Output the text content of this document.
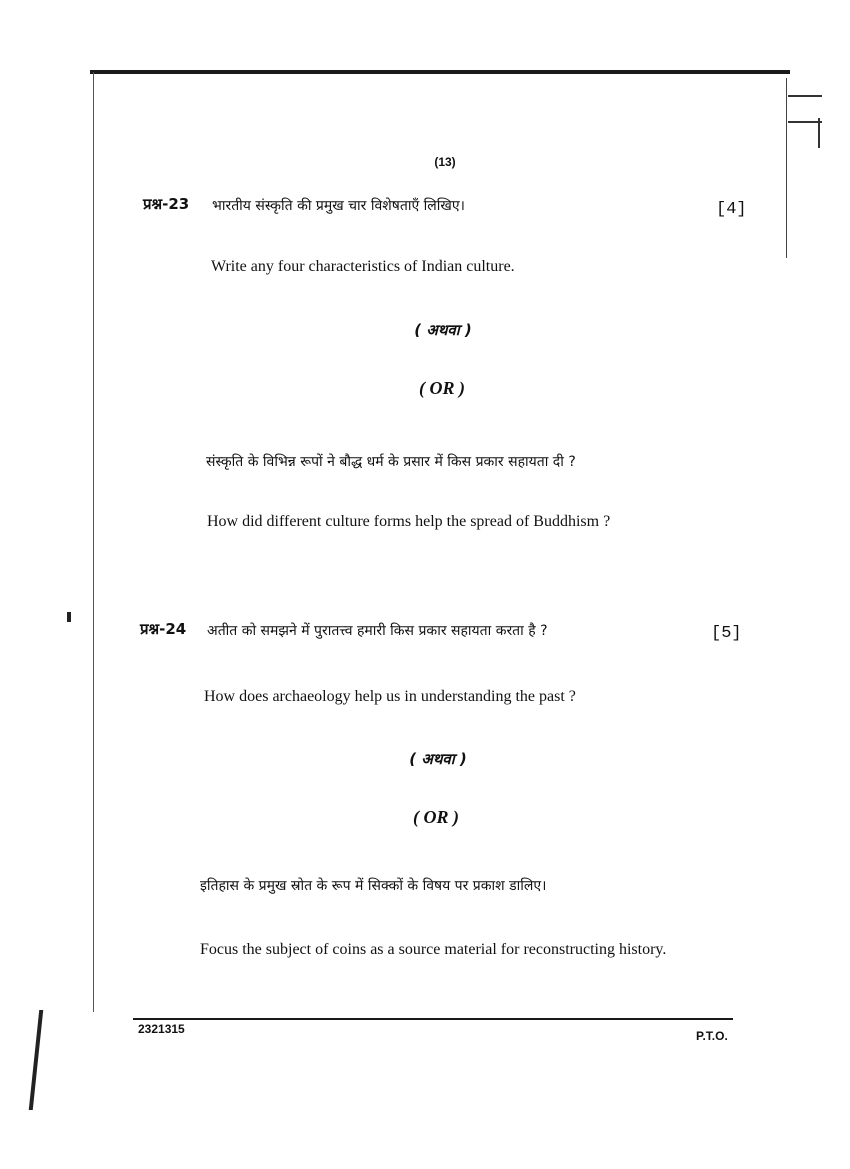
(13)
प्रश्न-23 भारतीय संस्कृति की प्रमुख चार विशेषताएँ लिखिए।	[4]
Write any four characteristics of Indian culture.
( अथवा )
( OR )
संस्कृति के विभिन्न रूपों ने बौद्ध धर्म के प्रसार में किस प्रकार सहायता दी ?
How did different culture forms help the spread of Buddhism ?
प्रश्न-24 अतीत को समझने में पुरातत्त्व हमारी किस प्रकार सहायता करता है ?	[5]
How does archaeology help us in understanding the past ?
( अथवा )
( OR )
इतिहास के प्रमुख स्रोत के रूप में सिक्कों के विषय पर प्रकाश डालिए।
Focus the subject of coins as a source material for reconstructing history.
2321315	P.T.O.
